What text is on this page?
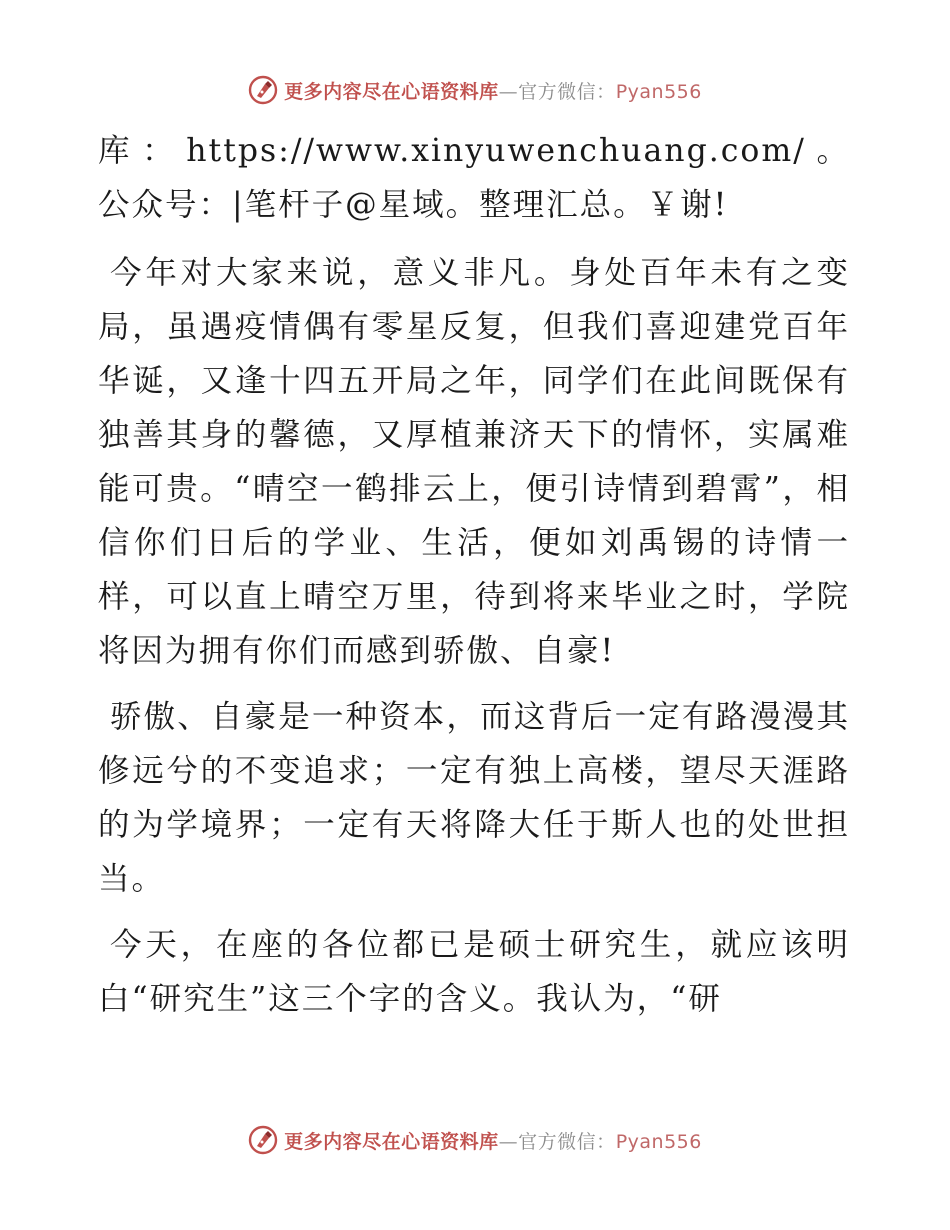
更多内容尽在心语资料库—官方微信：Pyan556

库：https://www.xinyuwenchuang.com/。公众号：|笔杆子@星域。整理汇总。￥谢!

今年对大家来说，意义非凡。身处百年未有之变局，虽遇疫情偶有零星反复，但我们喜迎建党百年华诞，又逢十四五开局之年，同学们在此间既保有独善其身的馨德，又厚植兼济天下的情怀，实属难能可贵。“晴空一鹤排云上，便引诗情到碧霄”，相信你们日后的学业、生活，便如刘禹锡的诗情一样，可以直上晴空万里，待到将来毕业之时，学院将因为拥有你们而感到骄傲、自豪!

骄傲、自豪是一种资本，而这背后一定有路漫漫其修远兮的不变追求；一定有独上高楼，望尽天涯路的为学境界；一定有天将降大任于斯人也的处世担当。

今天，在座的各位都已是硕士研究生，就应该明白“研究生”这三个字的含义。我认为，“研

更多内容尽在心语资料库—官方微信：Pyan556
